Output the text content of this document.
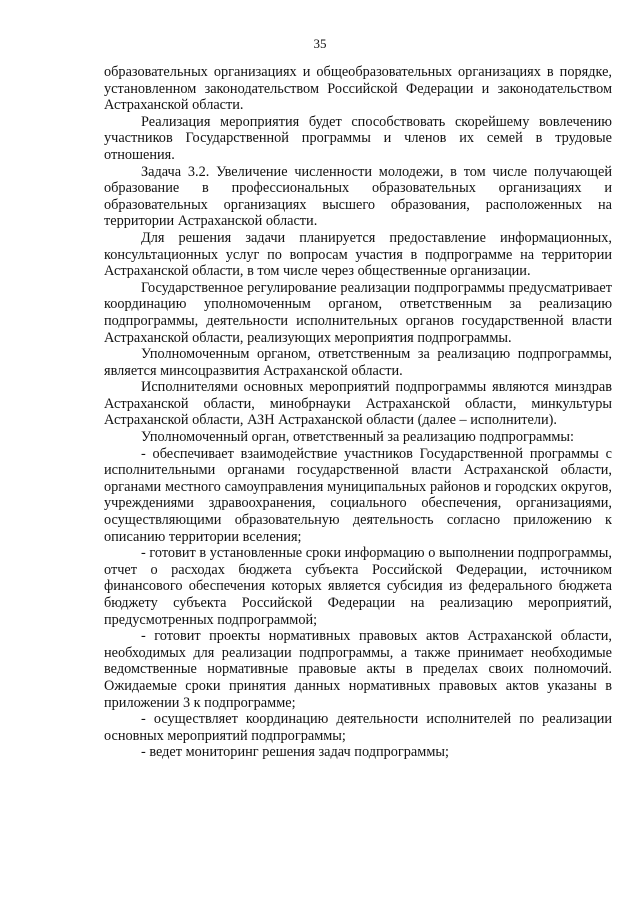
35

образовательных организациях и общеобразовательных организациях в порядке, установленном законодательством Российской Федерации и законодательством Астраханской области.

Реализация мероприятия будет способствовать скорейшему вовлечению участников Государственной программы и членов их семей в трудовые отношения.

Задача 3.2. Увеличение численности молодежи, в том числе получающей образование в профессиональных образовательных организациях и образовательных организациях высшего образования, расположенных на территории Астраханской области.

Для решения задачи планируется предоставление информационных, консультационных услуг по вопросам участия в подпрограмме на территории Астраханской области, в том числе через общественные организации.

Государственное регулирование реализации подпрограммы предусматривает координацию уполномоченным органом, ответственным за реализацию подпрограммы, деятельности исполнительных органов государственной власти Астраханской области, реализующих мероприятия подпрограммы.

Уполномоченным органом, ответственным за реализацию подпрограммы, является минсоцразвития Астраханской области.

Исполнителями основных мероприятий подпрограммы являются минздрав Астраханской области, минобрнауки Астраханской области, минкультуры Астраханской области, АЗН Астраханской области (далее – исполнители).

Уполномоченный орган, ответственный за реализацию подпрограммы:

- обеспечивает взаимодействие участников Государственной программы с исполнительными органами государственной власти Астраханской области, органами местного самоуправления муниципальных районов и городских округов, учреждениями здравоохранения, социального обеспечения, организациями, осуществляющими образовательную деятельность согласно приложению к описанию территории вселения;

- готовит в установленные сроки информацию о выполнении подпрограммы, отчет о расходах бюджета субъекта Российской Федерации, источником финансового обеспечения которых является субсидия из федерального бюджета бюджету субъекта Российской Федерации на реализацию мероприятий, предусмотренных подпрограммой;

- готовит проекты нормативных правовых актов Астраханской области, необходимых для реализации подпрограммы, а также принимает необходимые ведомственные нормативные правовые акты в пределах своих полномочий. Ожидаемые сроки принятия данных нормативных правовых актов указаны в приложении 3 к подпрограмме;

- осуществляет координацию деятельности исполнителей по реализации основных мероприятий подпрограммы;

- ведет мониторинг решения задач подпрограммы;
